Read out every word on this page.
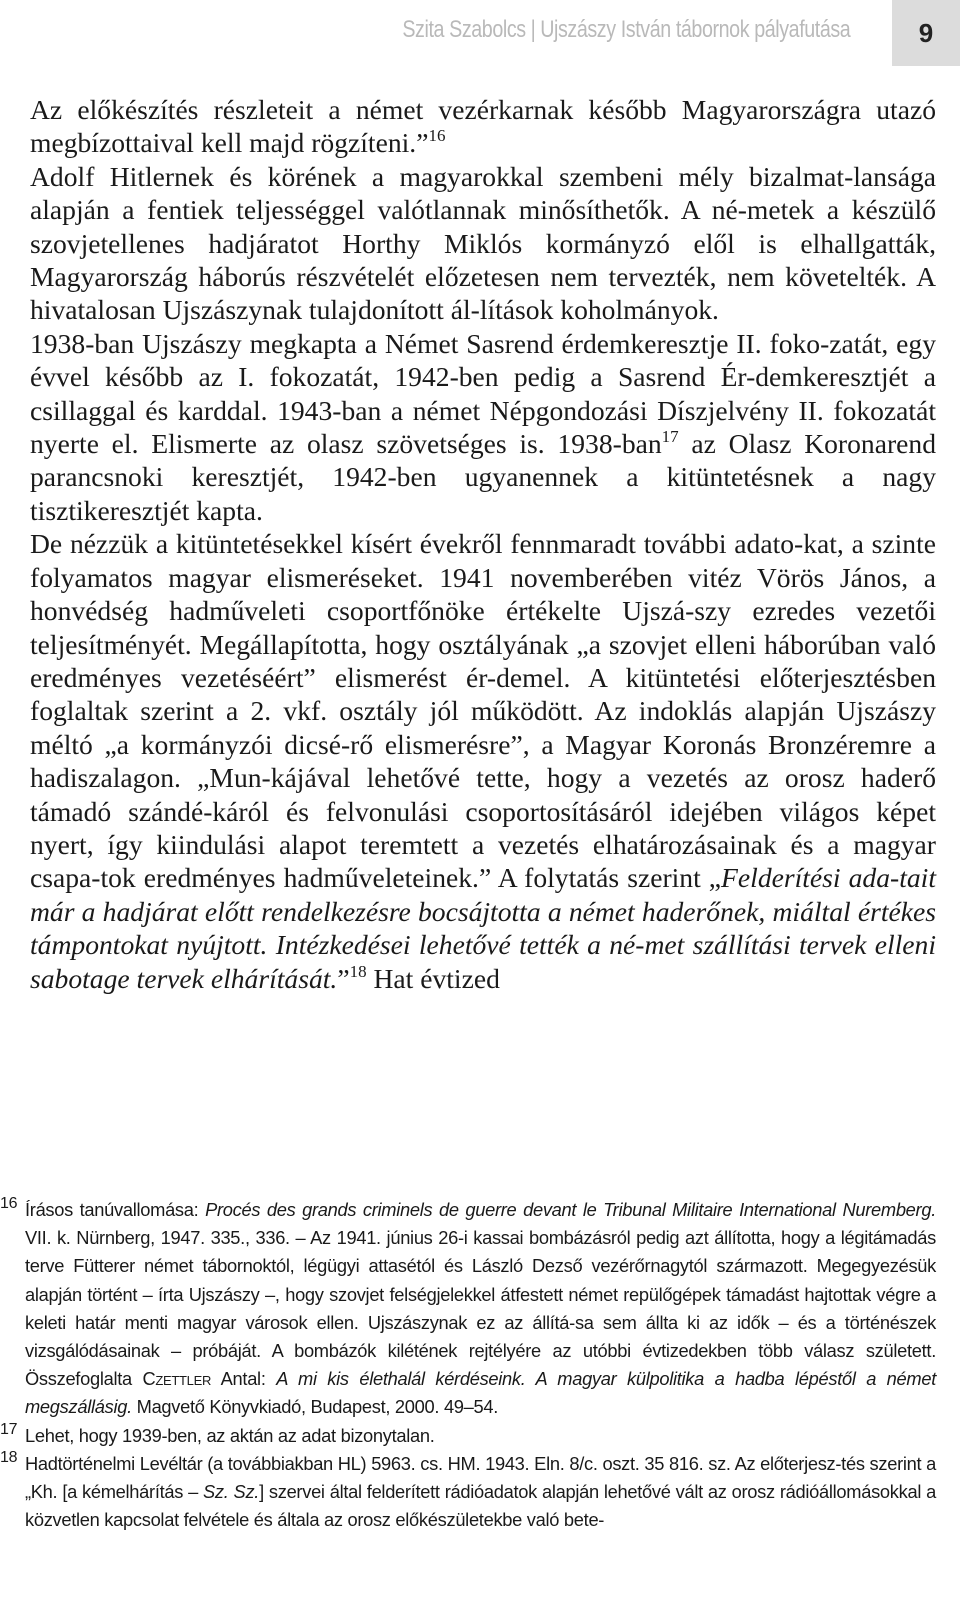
Szita Szabolcs | Ujszászy István tábornok pályafutása	9

Az előkészítés részleteit a német vezérkarnak később Magyarországra utazó megbízottaival kell majd rögzíteni.”$^{16}$

Adolf Hitlernek és körének a magyarokkal szembeni mély bizalmat-lansága alapján a fentiek teljességgel valótlannak minősíthetők. A né-metek a készülő szovjetellenes hadjáratot Horthy Miklós kormányzó elől is elhallgatták, Magyarország háborús részvételét előzetesen nem tervezték, nem követelték. A hivatalosan Ujszászynak tulajdonított ál-lítások koholmányok.

1938-ban Ujszászy megkapta a Német Sasrend érdemkeresztje II. foko-zatát, egy évvel később az I. fokozatát, 1942-ben pedig a Sasrend Ér-demkeresztjét a csillaggal és karddal. 1943-ban a német Népgondozási Díszjelvény II. fokozatát nyerte el. Elismerte az olasz szövetséges is. 1938-ban$^{17}$ az Olasz Koronarend parancsnoki keresztjét, 1942-ben ugyanennek a kitüntetésnek a nagy tisztikeresztjét kapta.

De nézzük a kitüntetésekkel kísért évekről fennmaradt további adato-kat, a szinte folyamatos magyar elismeréseket. 1941 novemberében vitéz Vörös János, a honvédség hadműveleti csoportfőnöke értékelte Ujszá-szy ezredes vezetői teljesítményét. Megállapította, hogy osztályának „a szovjet elleni háborúban való eredményes vezetéséért” elismerést ér-demel. A kitüntetési előterjesztésben foglaltak szerint a 2. vkf. osztály jól működött. Az indoklás alapján Ujszászy méltó „a kormányzói dicsé-rő elismerésre”, a Magyar Koronás Bronzéremre a hadiszalagon. „Mun-kájával lehetővé tette, hogy a vezetés az orosz haderő támadó szándé-káról és felvonulási csoportosításáról idejében világos képet nyert, így kiindulási alapot teremtett a vezetés elhatározásainak és a magyar csapa-tok eredményes hadműveleteinek.” A folytatás szerint „Felderítési ada-tait már a hadjárat előtt rendelkezésre bocsájtotta a német haderőnek, miáltal értékes támpontokat nyújtott. Intézkedései lehetővé tették a né-met szállítási tervek elleni sabotage tervek elhárítását.”$^{18}$ Hat évtized

16 Írásos tanúvallomása: Procés des grands criminels de guerre devant le Tribunal Militaire International Nuremberg. VII. k. Nürnberg, 1947. 335., 336. – Az 1941. június 26-i kassai bombázásról pedig azt állította, hogy a légitámadás terve Fütterer német tábornoktól, légügyi attasétól és László Dezső vezérőrnagytól származott. Megegyezésük alapján történt – írta Ujszászy –, hogy szovjet felségjelekkel átfestett német repülőgépek támadást hajtottak végre a keleti határ menti magyar városok ellen. Ujszászynak ez az állítá-sa sem állta ki az idők – és a történészek vizsgálódásainak – próbáját. A bombázók kilétének rejtélyére az utóbbi évtizedekben több válasz született. Összefoglalta Czettler Antal: A mi kis élethalál kérdéseink. A magyar külpolitika a hadba lépéstől a német megszállásig. Magvető Könyvkiadó, Budapest, 2000. 49–54.
17 Lehet, hogy 1939-ben, az aktán az adat bizonytalan.
18 Hadtörténelmi Levéltár (a továbbiakban HL) 5963. cs. HM. 1943. Eln. 8/c. oszt. 35 816. sz. Az előterjesz-tés szerint a „Kh. [a kémelhárítás – Sz. Sz.] szervei által felderített rádióadatok alapján lehetővé vált az orosz rádióállomásokkal a közvetlen kapcsolat felvétele és általa az orosz előkészületekbe való bete-
